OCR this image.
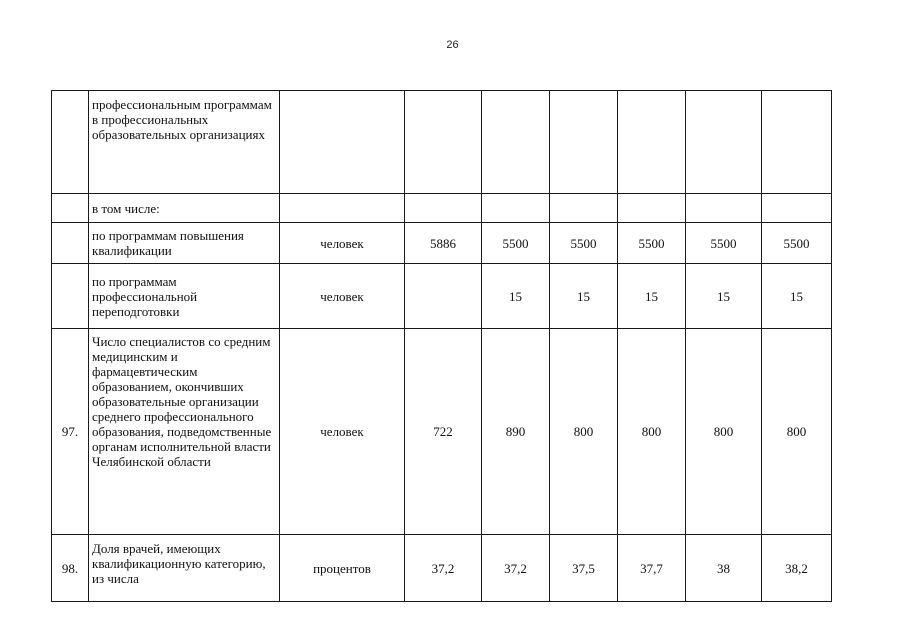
26
	профессиональным программам в профессиональных образовательных организациях							
	в том числе:							
	по программам повышения квалификации	человек	5886	5500	5500	5500	5500	5500
	по программам профессиональной переподготовки	человек		15	15	15	15	15
97.	Число специалистов со средним медицинским и фармацевтическим образованием, окончивших образовательные организации среднего профессионального образования, подведомственные органам исполнительной власти Челябинской области	человек	722	890	800	800	800	800
98.	Доля врачей, имеющих квалификационную категорию, из числа	процентов	37,2	37,2	37,5	37,7	38	38,2
